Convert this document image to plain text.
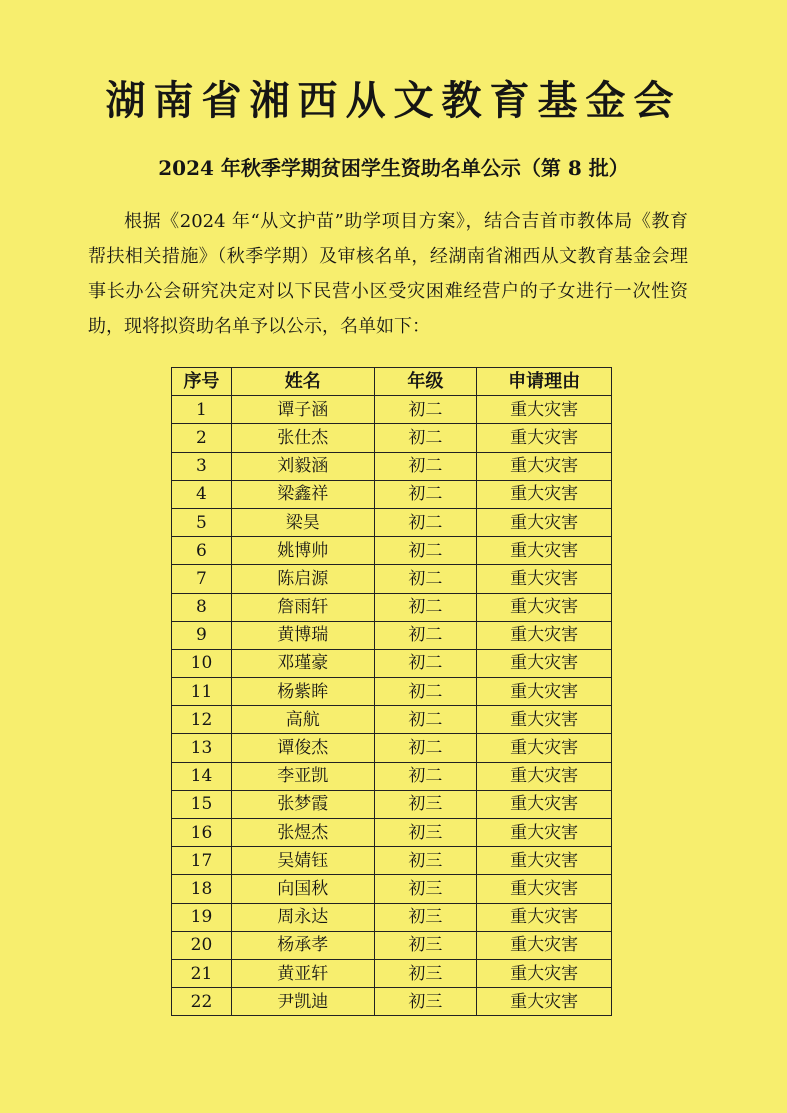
湖南省湘西从文教育基金会
2024 年秋季学期贫困学生资助名单公示（第 8 批）

根据《2024 年“从文护苗”助学项目方案》，结合吉首市教体局《教育帮扶相关措施》（秋季学期）及审核名单，经湖南省湘西从文教育基金会理事长办公会研究决定对以下民营小区受灾困难经营户的子女进行一次性资助，现将拟资助名单予以公示，名单如下：

序号	姓名	年级	申请理由
1	谭子涵	初二	重大灾害
2	张仕杰	初二	重大灾害
3	刘毅涵	初二	重大灾害
4	梁鑫祥	初二	重大灾害
5	梁昊	初二	重大灾害
6	姚博帅	初二	重大灾害
7	陈启源	初二	重大灾害
8	詹雨轩	初二	重大灾害
9	黄博瑞	初二	重大灾害
10	邓瑾豪	初二	重大灾害
11	杨紫眸	初二	重大灾害
12	高航	初二	重大灾害
13	谭俊杰	初二	重大灾害
14	李亚凯	初二	重大灾害
15	张梦霞	初三	重大灾害
16	张煜杰	初三	重大灾害
17	吴婧钰	初三	重大灾害
18	向国秋	初三	重大灾害
19	周永达	初三	重大灾害
20	杨承孝	初三	重大灾害
21	黄亚轩	初三	重大灾害
22	尹凯迪	初三	重大灾害
